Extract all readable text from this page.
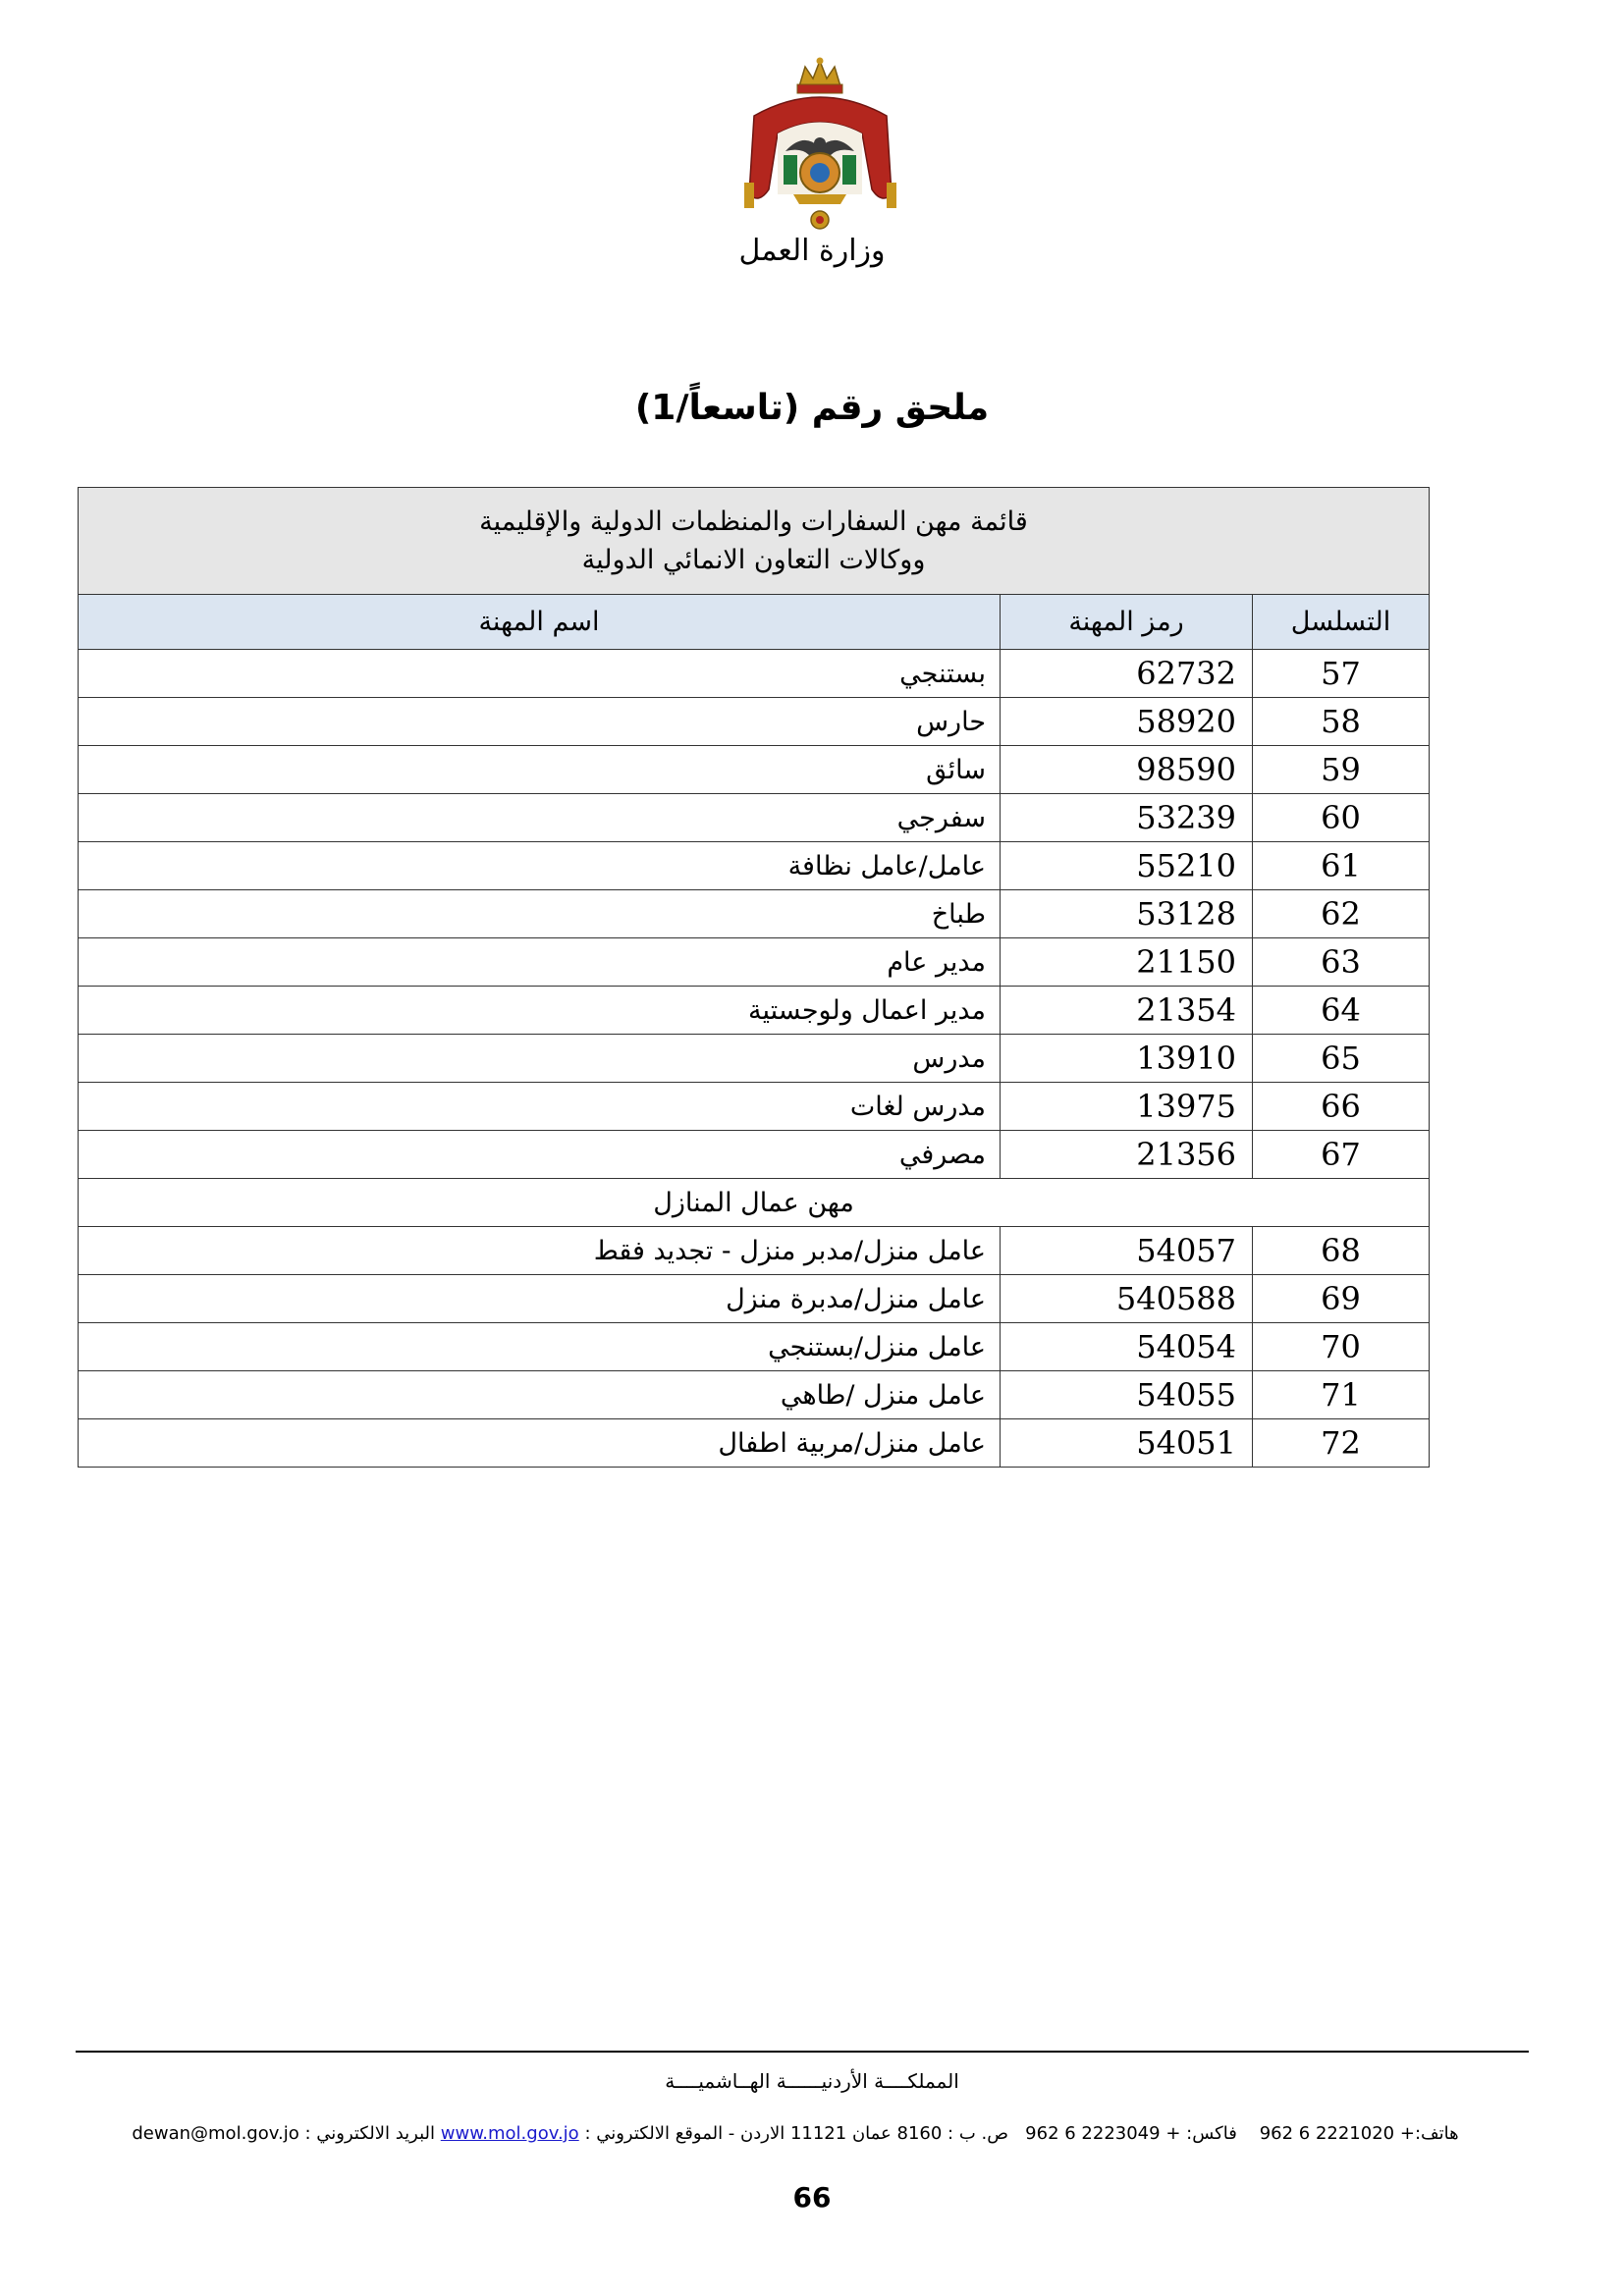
وزارة العمل
ملحق رقم (تاسعاً/1)
قائمة مهن السفارات والمنظمات الدولية والإقليمية
ووكالات التعاون الانمائي الدولية		

التسلسل	رمز المهنة	اسم المهنة
57	62732	بستنجي
58	58920	حارس
59	98590	سائق
60	53239	سفرجي
61	55210	عامل/عامل نظافة
62	53128	طباخ
63	21150	مدير عام
64	21354	مدير اعمال ولوجستية
65	13910	مدرس
66	13975	مدرس لغات
67	21356	مصرفي
مهن عمال المنازل		
68	54057	عامل منزل/مدبر منزل - تجديد فقط
69	540588	عامل منزل/مدبرة منزل
70	54054	عامل منزل/بستنجي
71	54055	عامل منزل /طاهي
72	54051	عامل منزل/مربية اطفال
المملكــــة الأردنيــــــة الهــاشميــــة
هاتف:+ 962 6 2221020    فاكس: + 962 6 2223049   ص. ب : 8160 عمان 11121 الاردن - الموقع الالكتروني : www.mol.gov.jo البريد الالكتروني : dewan@mol.gov.jo
66
